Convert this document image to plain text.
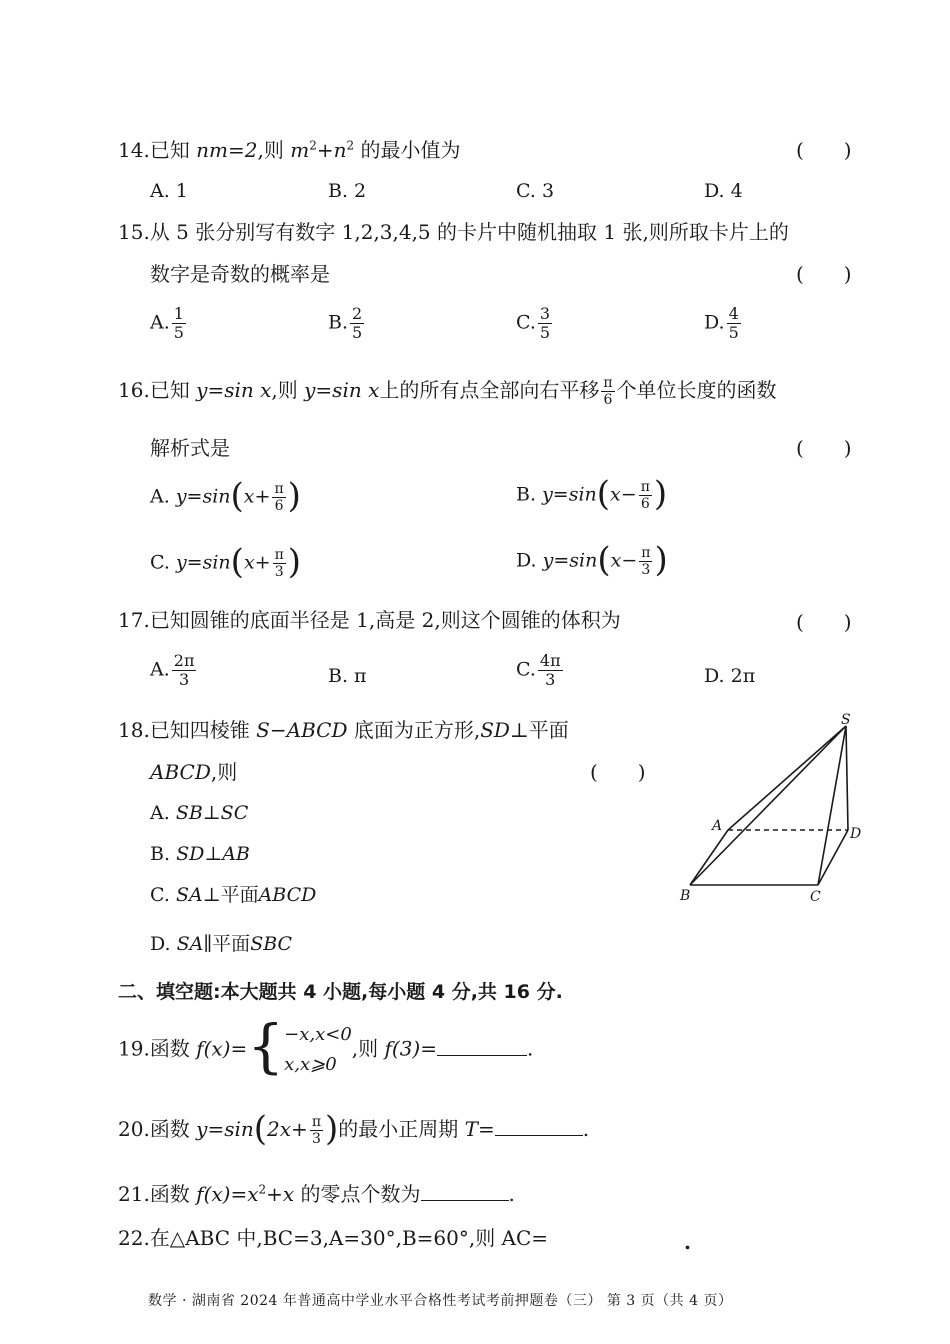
14.已知 nm=2,则 $m^2+n^2$ 的最小值为	(　　)
A. 1	B. 2	C. 3	D. 4
15.从 5 张分别写有数字 1,2,3,4,5 的卡片中随机抽取 1 张,则所取卡片上的
数字是奇数的概率是	(　　)
A. $\frac{1}{5}$	B. $\frac{2}{5}$	C. $\frac{3}{5}$	D. $\frac{4}{5}$
16.已知 y=sin x,则 y=sin x上的所有点全部向右平移 $\frac{\pi}{6}$ 个单位长度的函数
解析式是	(　　)
A. $y=\sin(x+ \frac{\pi}{6}$ )	B. $y=\sin(x- \frac{\pi}{6}$ )
C. $y=\sin(x+ \frac{\pi}{3}$ )	D. $y=\sin(x- \frac{\pi}{3}$ )
17.已知圆锥的底面半径是 1,高是 2,则这个圆锥的体积为	(　　)
A. $\frac{2\pi}{3}$	B. π	C. $\frac{4\pi}{3}$	D. 2π
18.已知四棱锥 S−ABCD 底面为正方形,SD⊥平面
ABCD,则	(　　)
A. SB⊥SC
B. SD⊥AB
C. SA⊥平面ABCD
D. SA∥平面SBC
S
A
B	C
D
二、填空题:本大题共 4 小题,每小题 4 分,共 16 分.
19.函数 f(x)={ −x,x<0
x,x⩾0
,则 f(3)=	.
20.函数 $y=\sin(2x+ \frac{\pi}{3}$ )的最小正周期 T=	.
21.函数 $f(x)=x^2+x$ 的零点个数为	.
22.在△ABC 中,BC=3,A=30°,B=60°,则 AC=	.
数学 · 湖南省 2024 年普通高中学业水平合格性考试考前押题卷（三） 第 3 页（共 4 页）
